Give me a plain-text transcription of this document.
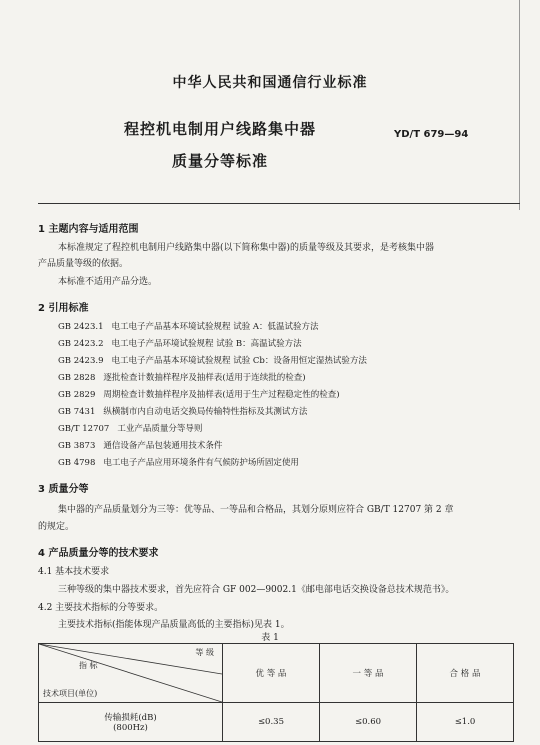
中华人民共和国通信行业标准
程控机电制用户线路集中器
质量分等标准
YD/T 679—94
1 主题内容与适用范围
本标准规定了程控机电制用户线路集中器(以下简称集中器)的质量等级及其要求，是考核集中器
产品质量等级的依据。
本标准不适用产品分选。
2 引用标准
GB 2423.1 电工电子产品基本环境试验规程 试验 A：低温试验方法
GB 2423.2 电工电子产品环境试验规程 试验 B：高温试验方法
GB 2423.9 电工电子产品基本环境试验规程 试验 Cb：设备用恒定湿热试验方法
GB 2828 逐批检查计数抽样程序及抽样表(适用于连续批的检查)
GB 2829 周期检查计数抽样程序及抽样表(适用于生产过程稳定性的检查)
GB 7431 纵横制市内自动电话交换局传输特性指标及其测试方法
GB/T 12707 工业产品质量分等导则
GB 3873 通信设备产品包装通用技术条件
GB 4798 电工电子产品应用环境条件有气候防护场所固定使用
3 质量分等
集中器的产品质量划分为三等：优等品、一等品和合格品，其划分原则应符合 GB/T 12707 第 2 章
的规定。
4 产品质量分等的技术要求
4.1 基本技术要求
三种等级的集中器技术要求，首先应符合 GF 002—9002.1《邮电部电话交换设备总技术规范书》。
4.2 主要技术指标的分等要求。
主要技术指标(指能体现产品质量高低的主要指标)见表 1。
表 1
等 级
指 标
技术项目(单位)	优 等 品	一 等 品	合 格 品

传输损耗(dB)
(800Hz)	≤0.35	≤0.60	≤1.0
